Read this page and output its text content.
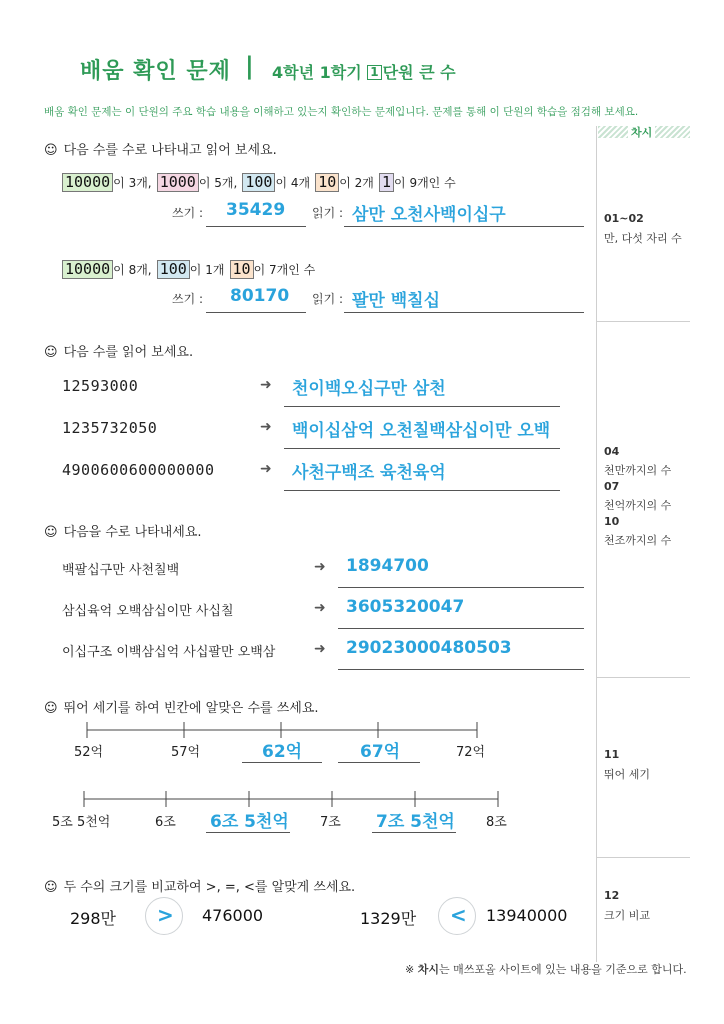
배움 확인 문제 | 4학년 1학기 1 단원 큰 수
배움 확인 문제는 이 단원의 주요 학습 내용을 이해하고 있는지 확인하는 문제입니다. 문제를 통해 이 단원의 학습을 점검해 보세요.
차시
01~02
만, 다섯 자리 수
04
천만까지의 수
07
천억까지의 수
10
천조까지의 수
11
뛰어 세기
12
크기 비교
☺ 다음 수를 수로 나타내고 읽어 보세요.
10000 이 3개, 1000 이 5개, 100 이 4개 10 이 2개 1 이 9개인 수
쓰기 : 35429 읽기 : 삼만 오천사백이십구
10000 이 8개, 100 이 1개 10 이 7개인 수
쓰기 : 80170 읽기 : 팔만 백칠십
☺ 다음 수를 읽어 보세요.
12593000	➜ 천이백오십구만 삼천
1235732050	➜ 백이십삼억 오천칠백삼십이만 오백
4900600600000000	➜ 사천구백조 육천육억
☺ 다음을 수로 나타내세요.
백팔십구만 사천칠백	➜ 1894700
삼십육억 오백삼십이만 사십칠	➜ 3605320047
이십구조 이백삼십억 사십팔만 오백삼	➜ 29023000480503
☺ 뛰어 세기를 하여 빈칸에 알맞은 수를 쓰세요.
52억	57억	62억	67억	72억
5조 5천억	6조 6조 5천억 7조 7조 5천억 8조
☺ 두 수의 크기를 비교하여 >, =, <를 알맞게 쓰세요.
298만 > 476000	1329만 < 13940000
※ 차시는 매쓰포올 사이트에 있는 내용을 기준으로 합니다.
